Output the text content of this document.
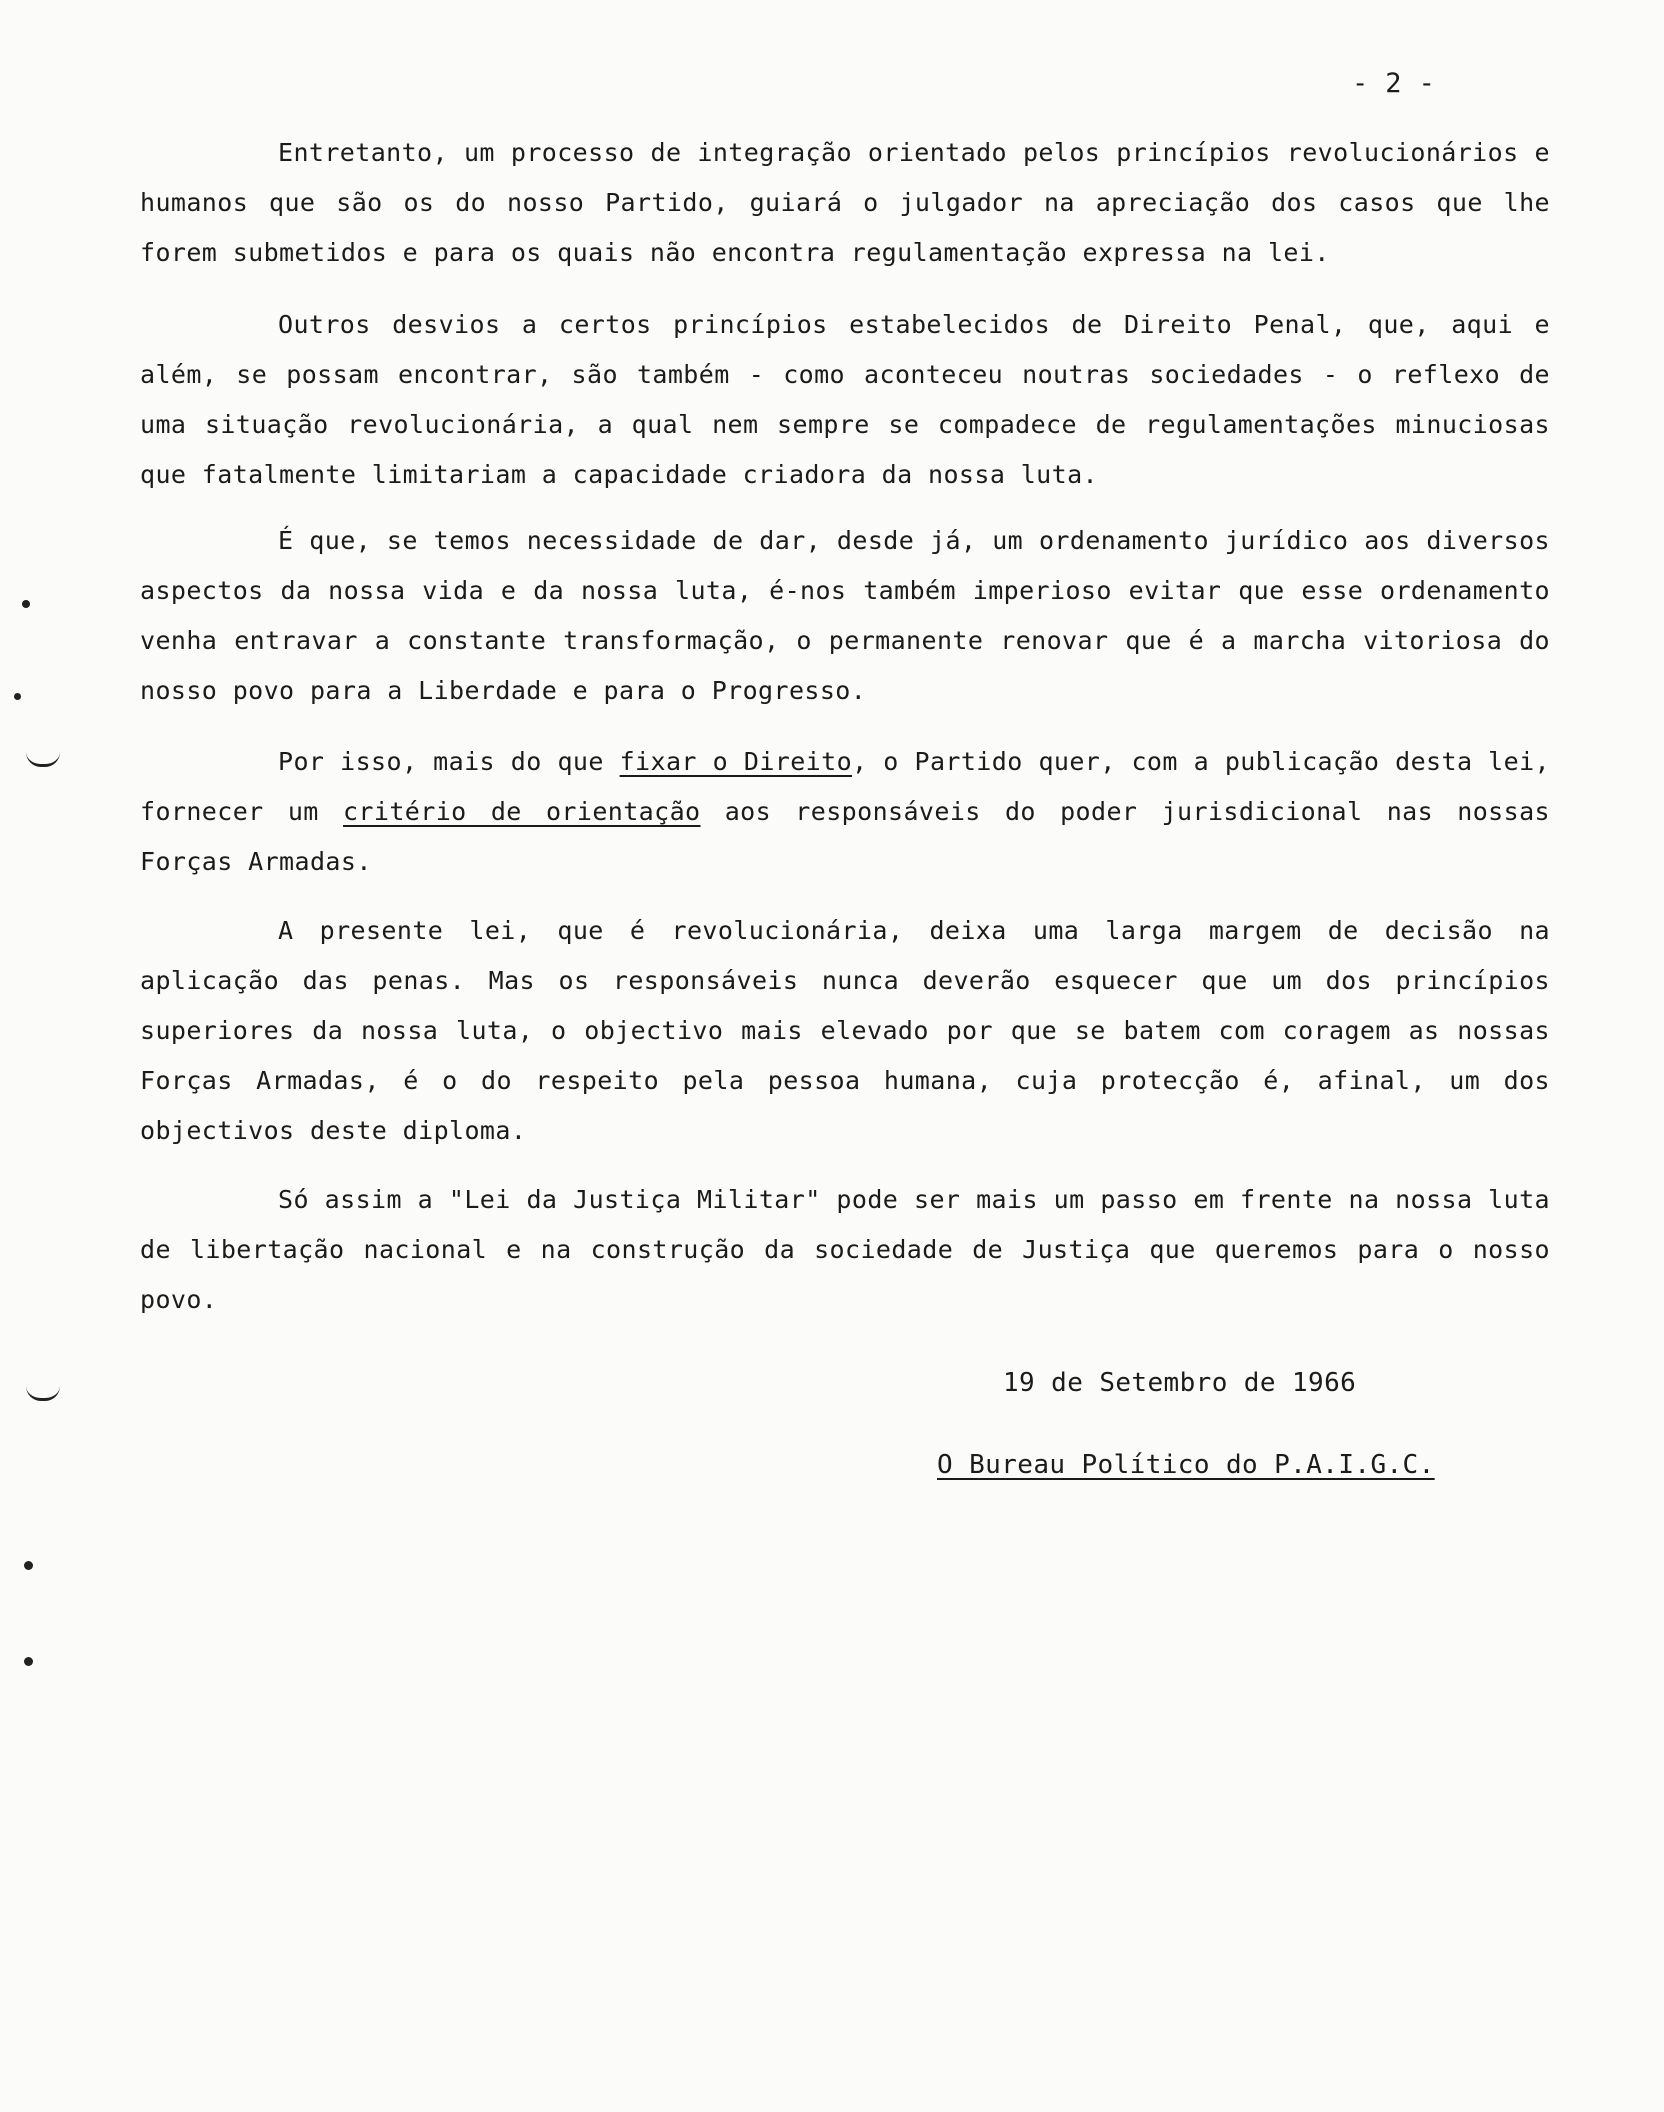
- 2 -

Entretanto, um processo de integração orientado pelos princípios revolucionários e humanos que são os do nosso Partido, guiará o julgador na apreciação dos casos que lhe forem submetidos e para os quais não encontra regulamentação expressa na lei.

Outros desvios a certos princípios estabelecidos de Direito Penal, que, aqui e além, se possam encontrar, são também - como aconteceu noutras sociedades - o reflexo de uma situação revolucionária, a qual nem sempre se compadece de regulamentações minuciosas que fatalmente limitariam a capacidade criadora da nossa luta.

É que, se temos necessidade de dar, desde já, um ordenamento jurídico aos diversos aspectos da nossa vida e da nossa luta, é-nos também imperioso evitar que esse ordenamento venha entravar a constante transformação, o permanente renovar que é a marcha vitoriosa do nosso povo para a Liberdade e para o Progresso.

Por isso, mais do que fixar o Direito, o Partido quer, com a publicação desta lei, fornecer um critério de orientação aos responsáveis do poder jurisdicional nas nossas Forças Armadas.

A presente lei, que é revolucionária, deixa uma larga margem de decisão na aplicação das penas. Mas os responsáveis nunca deverão esquecer que um dos princípios superiores da nossa luta, o objectivo mais elevado por que se batem com coragem as nossas Forças Armadas, é o do respeito pela pessoa humana, cuja protecção é, afinal, um dos objectivos deste diploma.

Só assim a "Lei da Justiça Militar" pode ser mais um passo em frente na nossa luta de libertação nacional e na construção da sociedade de Justiça que queremos para o nosso povo.

19 de Setembro de 1966
O Bureau Político do P.A.I.G.C.
